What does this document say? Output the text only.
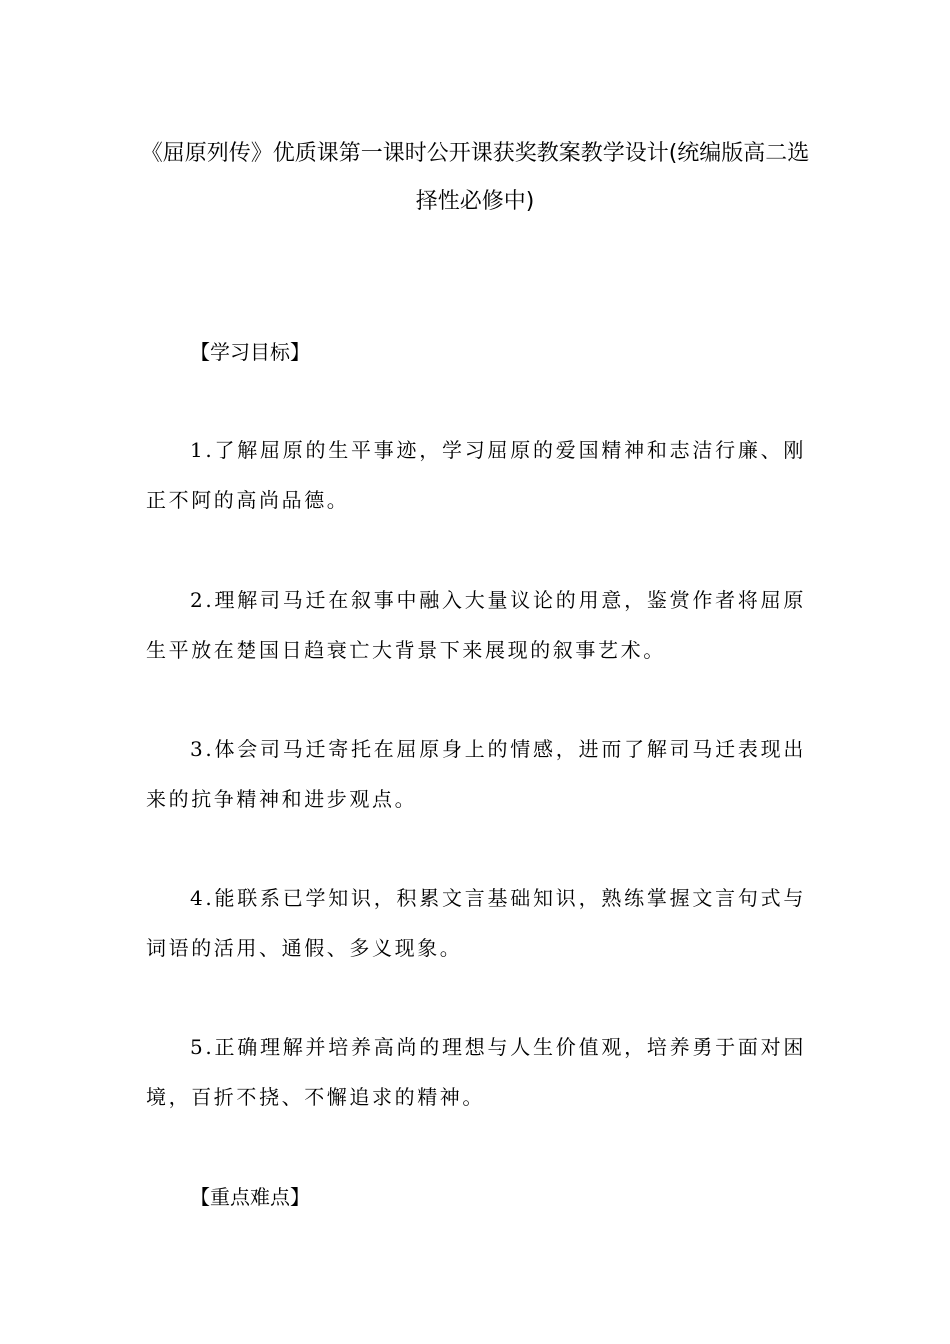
《屈原列传》优质课第一课时公开课获奖教案教学设计(统编版高二选择性必修中)
【学习目标】

1.了解屈原的生平事迹，学习屈原的爱国精神和志洁行廉、刚正不阿的高尚品德。

2.理解司马迁在叙事中融入大量议论的用意，鉴赏作者将屈原生平放在楚国日趋衰亡大背景下来展现的叙事艺术。

3.体会司马迁寄托在屈原身上的情感，进而了解司马迁表现出来的抗争精神和进步观点。

4.能联系已学知识，积累文言基础知识，熟练掌握文言句式与词语的活用、通假、多义现象。

5.正确理解并培养高尚的理想与人生价值观，培养勇于面对困境，百折不挠、不懈追求的精神。

【重点难点】
